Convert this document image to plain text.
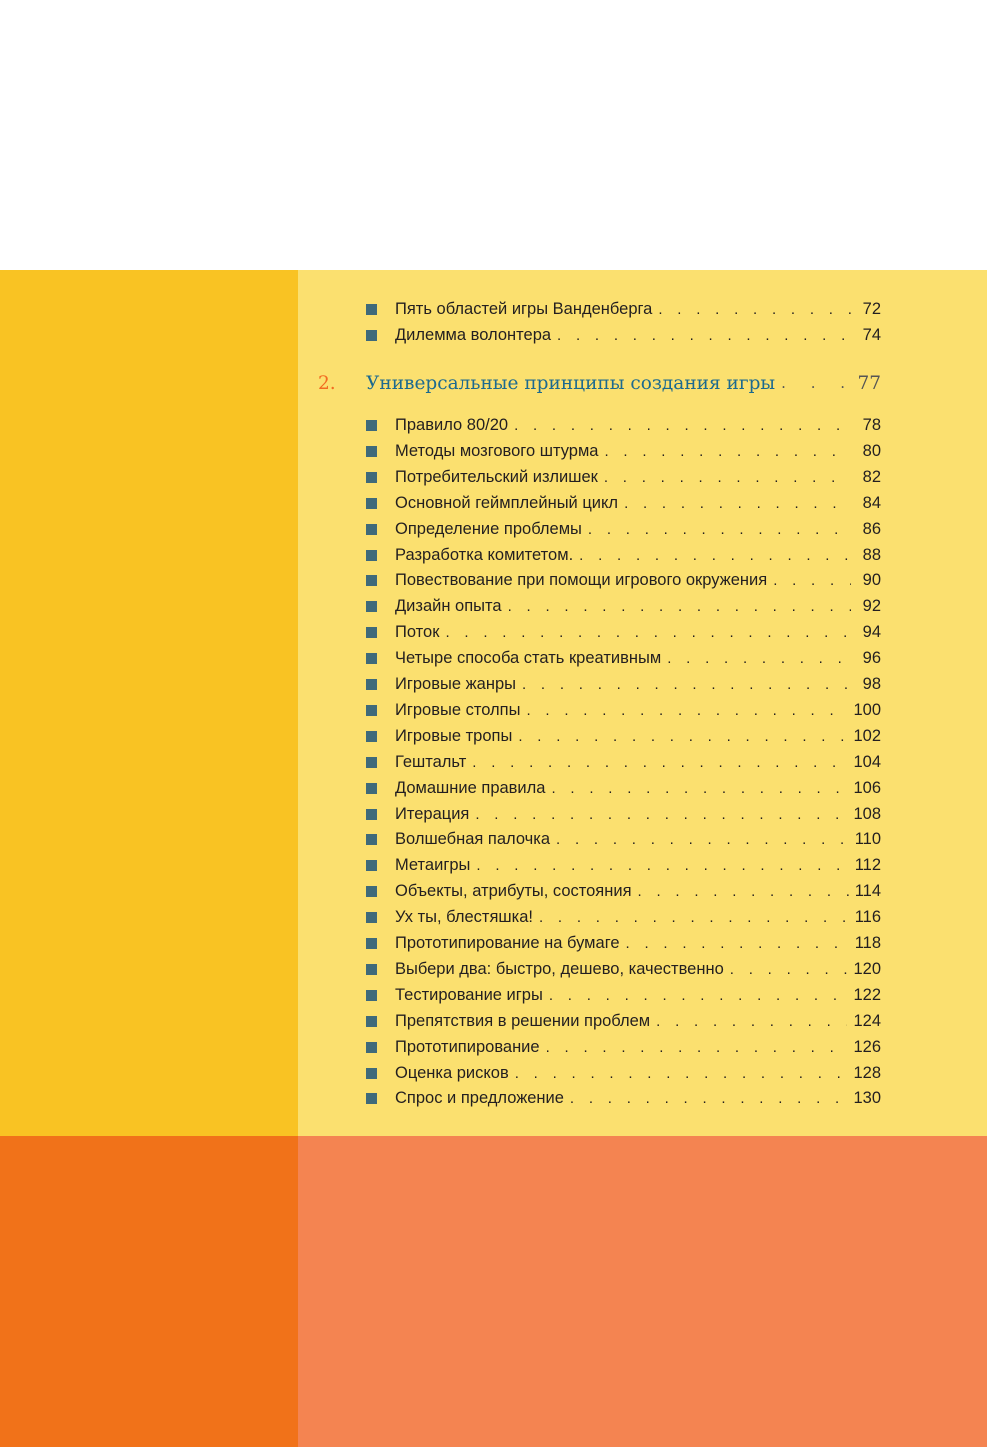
Пять областей игры Ванденберга . . .	72
Дилемма волонтера . . .	74
2.	Универсальные принципы создания игры . . .	77
Правило 80/20 . . .	78
Методы мозгового штурма . . .	80
Потребительский излишек . . .	82
Основной геймплейный цикл . . .	84
Определение проблемы . . .	86
Разработка комитетом. . . .	88
Повествование при помощи игрового окружения . . .	90
Дизайн опыта . . .	92
Поток . . .	94
Четыре способа стать креативным . . .	96
Игровые жанры . . .	98
Игровые столпы . . .	100
Игровые тропы . . .	102
Гештальт . . .	104
Домашние правила . . .	106
Итерация . . .	108
Волшебная палочка . . .	110
Метаигры . . .	112
Объекты, атрибуты, состояния . . .	114
Ух ты, блестяшка! . . .	116
Прототипирование на бумаге . . .	118
Выбери два: быстро, дешево, качественно . . .	120
Тестирование игры . . .	122
Препятствия в решении проблем . . .	124
Прототипирование . . .	126
Оценка рисков . . .	128
Спрос и предложение . . .	130
